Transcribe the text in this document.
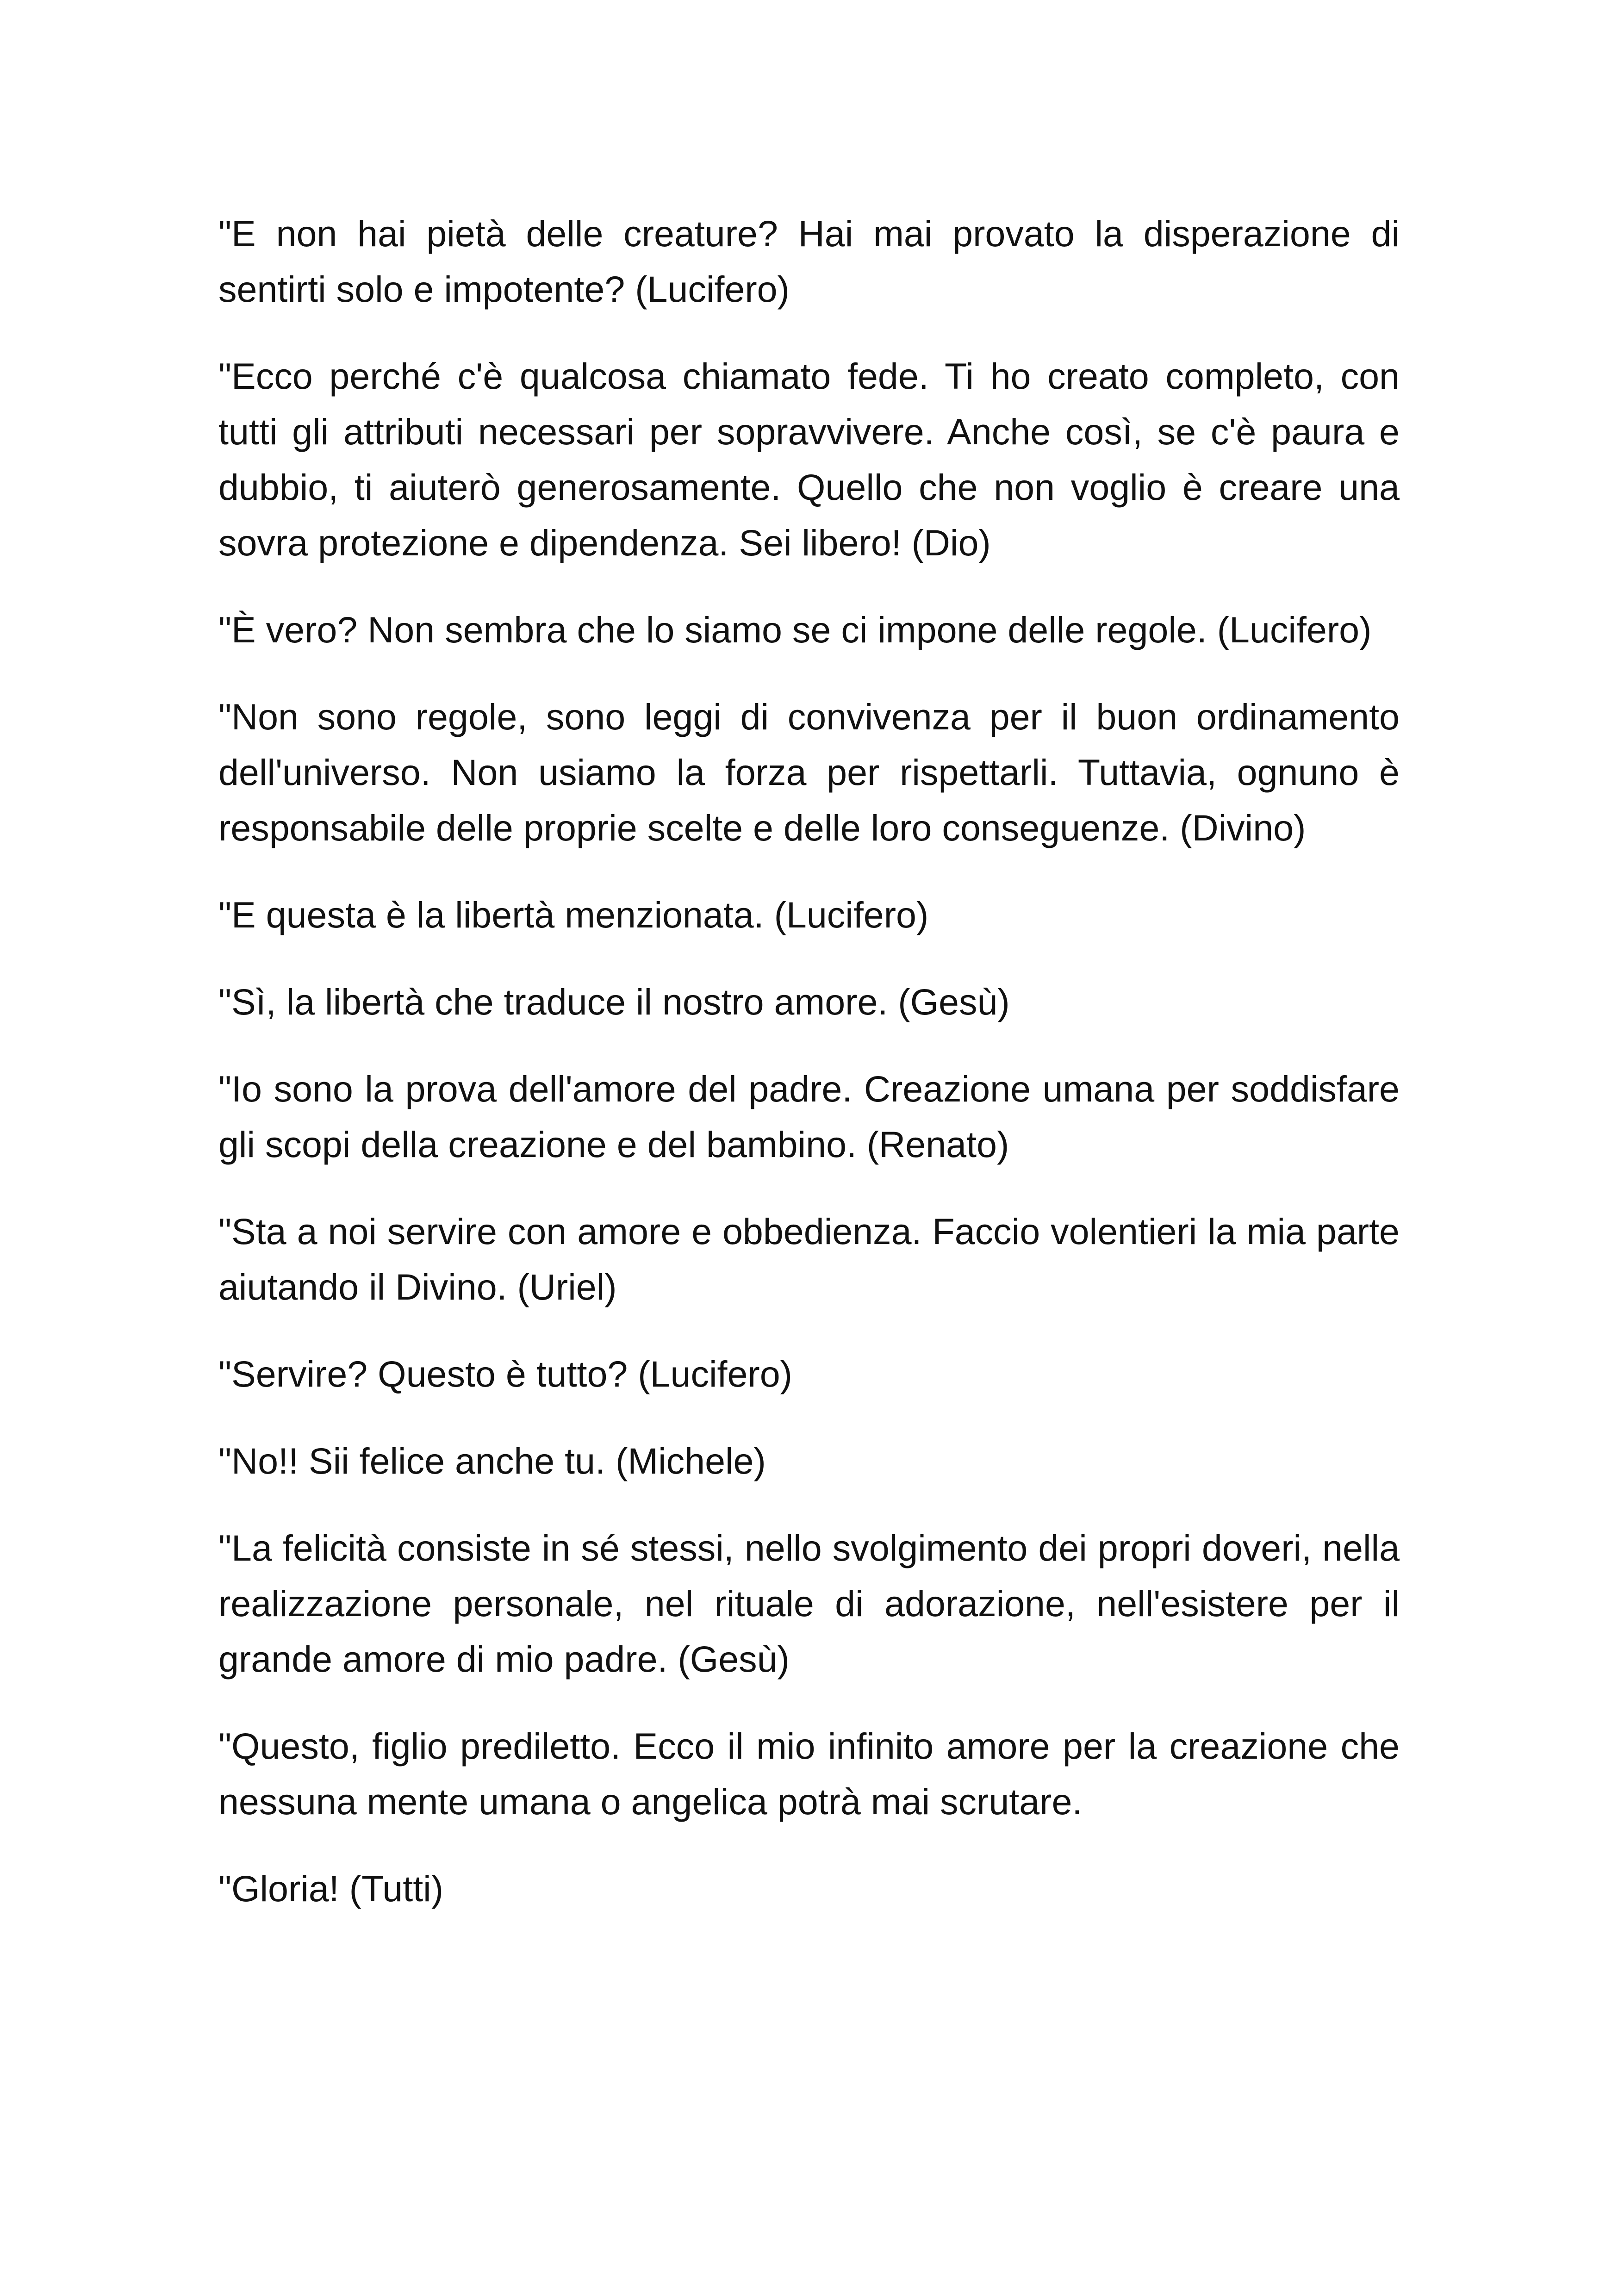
"E non hai pietà delle creature? Hai mai provato la disperazione di sentirti solo e impotente? (Lucifero)

"Ecco perché c'è qualcosa chiamato fede. Ti ho creato completo, con tutti gli attributi necessari per sopravvivere. Anche così, se c'è paura e dubbio, ti aiuterò generosamente. Quello che non voglio è creare una sovra protezione e dipendenza. Sei libero! (Dio)

"È vero? Non sembra che lo siamo se ci impone delle regole. (Lucifero)

"Non sono regole, sono leggi di convivenza per il buon ordinamento dell'universo. Non usiamo la forza per rispettarli. Tuttavia, ognuno è responsabile delle proprie scelte e delle loro conseguenze. (Divino)

"E questa è la libertà menzionata. (Lucifero)

"Sì, la libertà che traduce il nostro amore. (Gesù)

"Io sono la prova dell'amore del padre. Creazione umana per soddisfare gli scopi della creazione e del bambino. (Renato)

"Sta a noi servire con amore e obbedienza. Faccio volentieri la mia parte aiutando il Divino. (Uriel)

"Servire? Questo è tutto? (Lucifero)

"No!! Sii felice anche tu. (Michele)

"La felicità consiste in sé stessi, nello svolgimento dei propri doveri, nella realizzazione personale, nel rituale di adorazione, nell'esistere per il grande amore di mio padre. (Gesù)

"Questo, figlio prediletto. Ecco il mio infinito amore per la creazione che nessuna mente umana o angelica potrà mai scrutare.

"Gloria! (Tutti)
